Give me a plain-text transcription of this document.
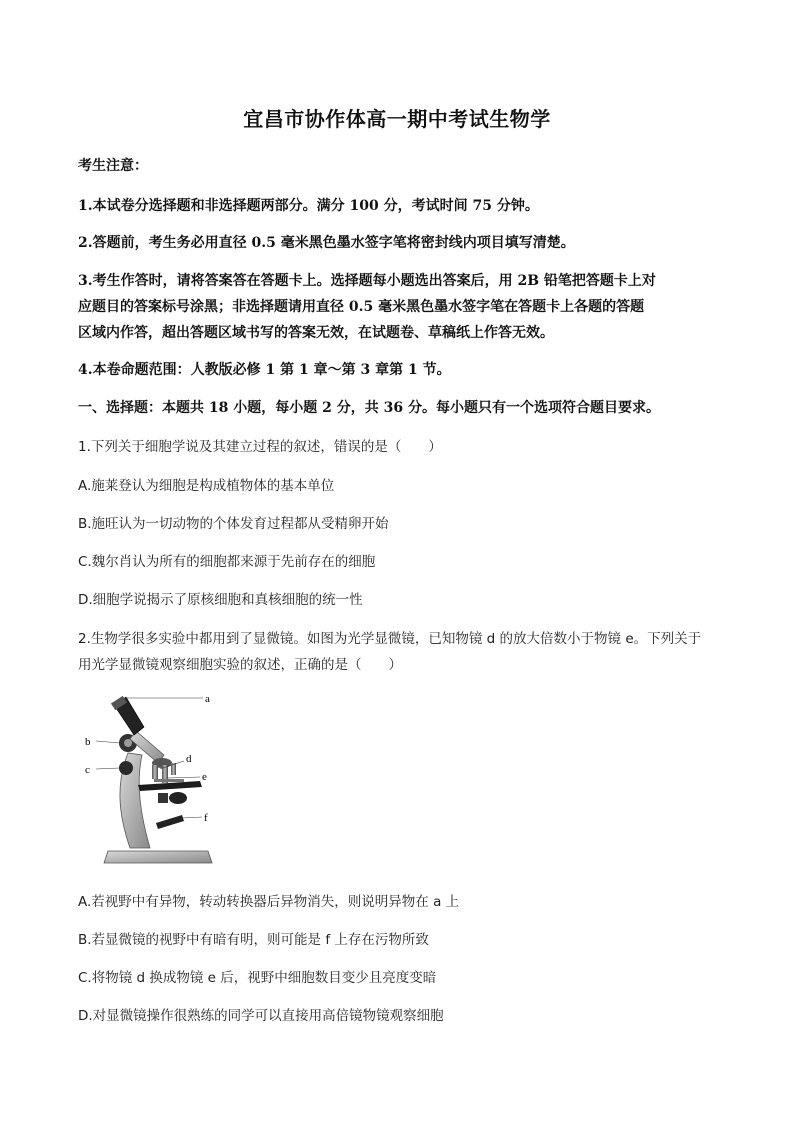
宜昌市协作体高一期中考试生物学
考生注意：
1.本试卷分选择题和非选择题两部分。满分 100 分，考试时间 75 分钟。
2.答题前，考生务必用直径 0.5 毫米黑色墨水签字笔将密封线内项目填写清楚。
3.考生作答时，请将答案答在答题卡上。选择题每小题选出答案后，用 2B 铅笔把答题卡上对
应题目的答案标号涂黑；非选择题请用直径 0.5 毫米黑色墨水签字笔在答题卡上各题的答题
区域内作答，超出答题区域书写的答案无效，在试题卷、草稿纸上作答无效。
4.本卷命题范围：人教版必修 1 第 1 章～第 3 章第 1 节。
一、选择题：本题共 18 小题，每小题 2 分，共 36 分。每小题只有一个选项符合题目要求。
1.下列关于细胞学说及其建立过程的叙述，错误的是（　　）
A.施莱登认为细胞是构成植物体的基本单位
B.施旺认为一切动物的个体发育过程都从受精卵开始
C.魏尔肖认为所有的细胞都来源于先前存在的细胞
D.细胞学说揭示了原核细胞和真核细胞的统一性
2.生物学很多实验中都用到了显微镜。如图为光学显微镜，已知物镜 d 的放大倍数小于物镜 e。下列关于
用光学显微镜观察细胞实验的叙述，正确的是（　　）
a
b
c
d
e
f
A.若视野中有异物，转动转换器后异物消失，则说明异物在 a 上
B.若显微镜的视野中有暗有明，则可能是 f 上存在污物所致
C.将物镜 d 换成物镜 e 后，视野中细胞数目变少且亮度变暗
D.对显微镜操作很熟练的同学可以直接用高倍镜物镜观察细胞
